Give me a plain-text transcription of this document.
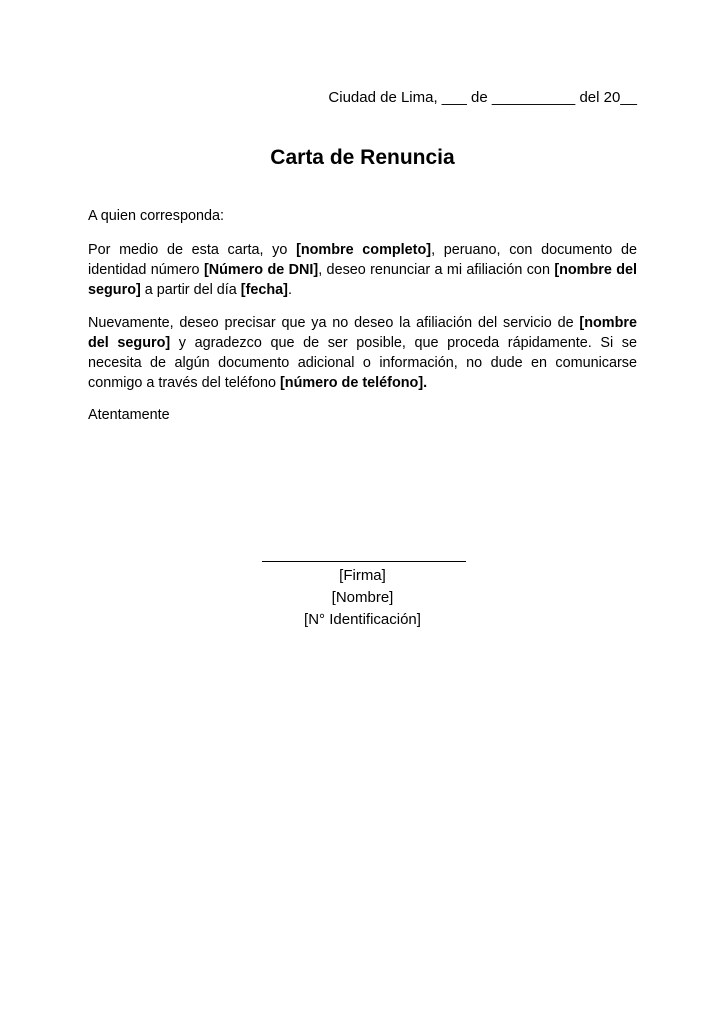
Ciudad de Lima, ___ de __________ del 20__
Carta de Renuncia
A quien corresponda:
Por medio de esta carta, yo [nombre completo], peruano, con documento de identidad número [Número de DNI], deseo renunciar a mi afiliación con [nombre del seguro] a partir del día [fecha].
Nuevamente, deseo precisar que ya no deseo la afiliación del servicio de [nombre del seguro] y agradezco que de ser posible, que proceda rápidamente. Si se necesita de algún documento adicional o información, no dude en comunicarse conmigo a través del teléfono [número de teléfono].
Atentamente
[Firma]
[Nombre]
[N° Identificación]
